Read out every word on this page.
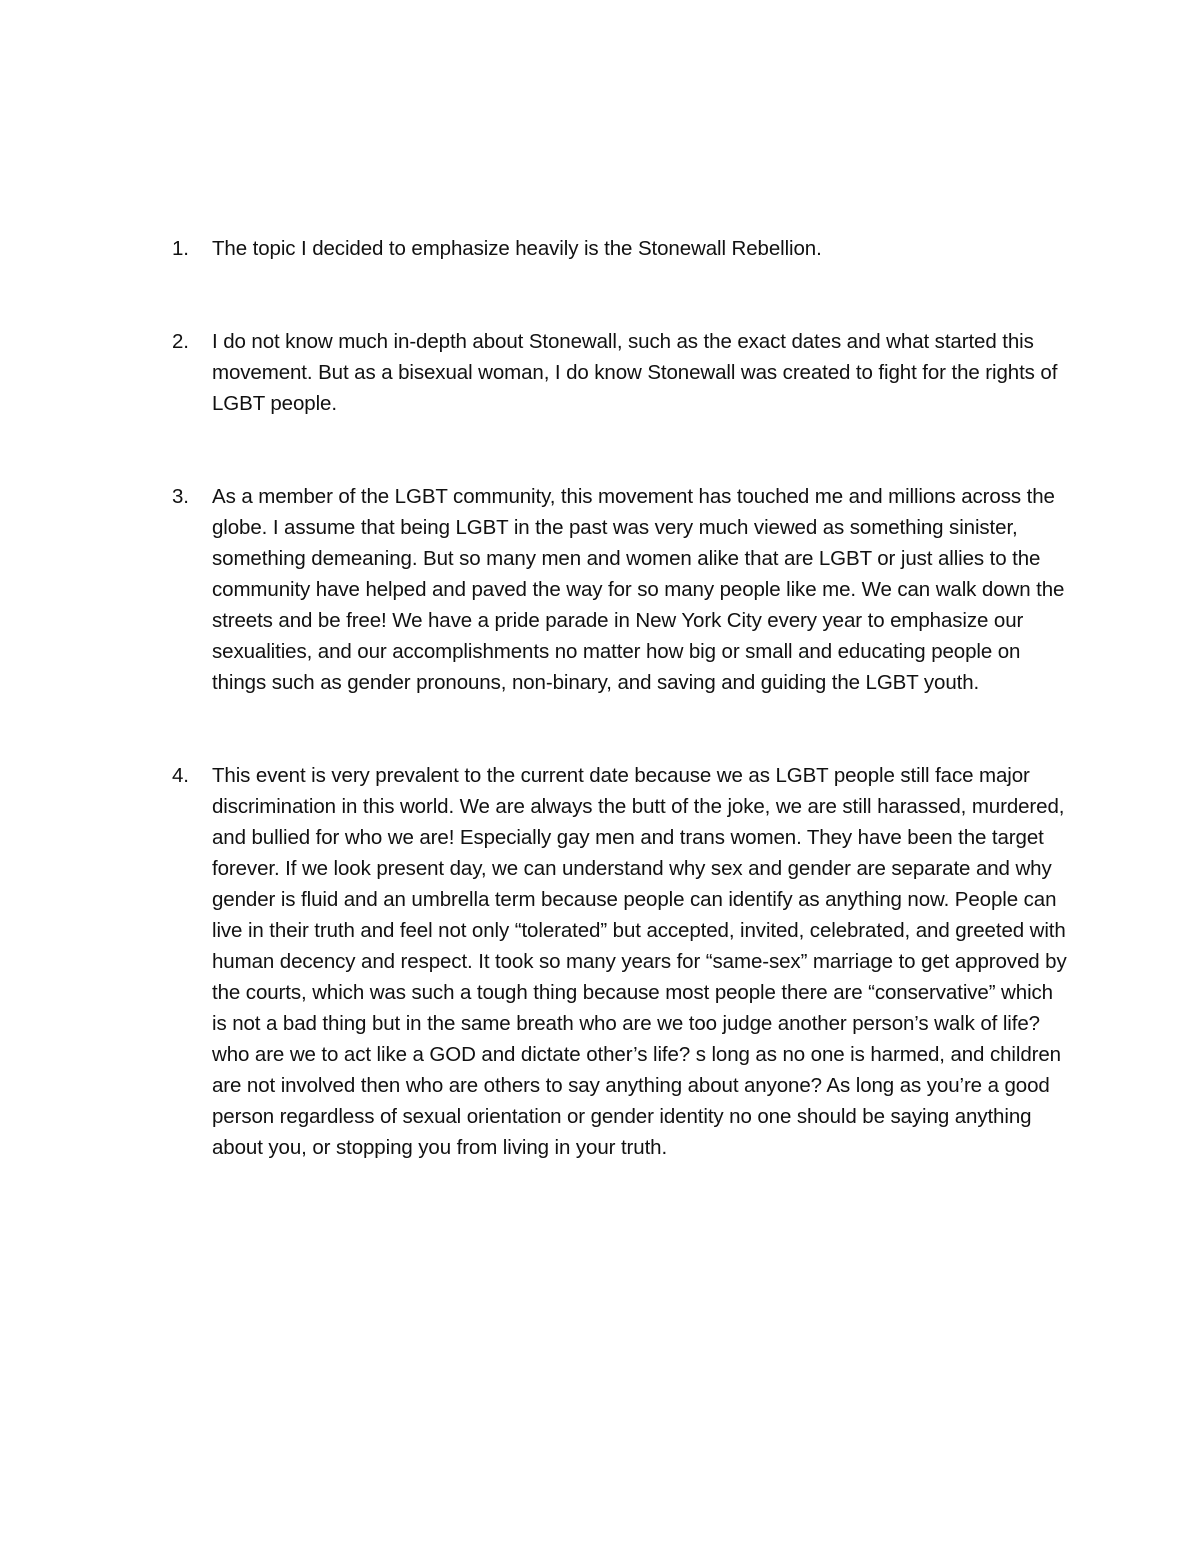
1.	The topic I decided to emphasize heavily is the Stonewall Rebellion.
2.	I do not know much in-depth about Stonewall, such as the exact dates and what started this movement. But as a bisexual woman, I do know Stonewall was created to fight for the rights of LGBT people.
3.	As a member of the LGBT community, this movement has touched me and millions across the globe. I assume that being LGBT in the past was very much viewed as something sinister, something demeaning. But so many men and women alike that are LGBT or just allies to the community have helped and paved the way for so many people like me. We can walk down the streets and be free! We have a pride parade in New York City every year to emphasize our sexualities, and our accomplishments no matter how big or small and educating people on things such as gender pronouns, non-binary, and saving and guiding the LGBT youth.
4.	This event is very prevalent to the current date because we as LGBT people still face major discrimination in this world. We are always the butt of the joke, we are still harassed, murdered, and bullied for who we are! Especially gay men and trans women. They have been the target forever. If we look present day, we can understand why sex and gender are separate and why gender is fluid and an umbrella term because people can identify as anything now. People can live in their truth and feel not only “tolerated” but accepted, invited, celebrated, and greeted with human decency and respect. It took so many years for “same-sex” marriage to get approved by the courts, which was such a tough thing because most people there are “conservative” which is not a bad thing but in the same breath who are we too judge another person’s walk of life? who are we to act like a GOD and dictate other’s life? s long as no one is harmed, and children are not involved then who are others to say anything about anyone? As long as you’re a good person regardless of sexual orientation or gender identity no one should be saying anything about you, or stopping you from living in your truth.
